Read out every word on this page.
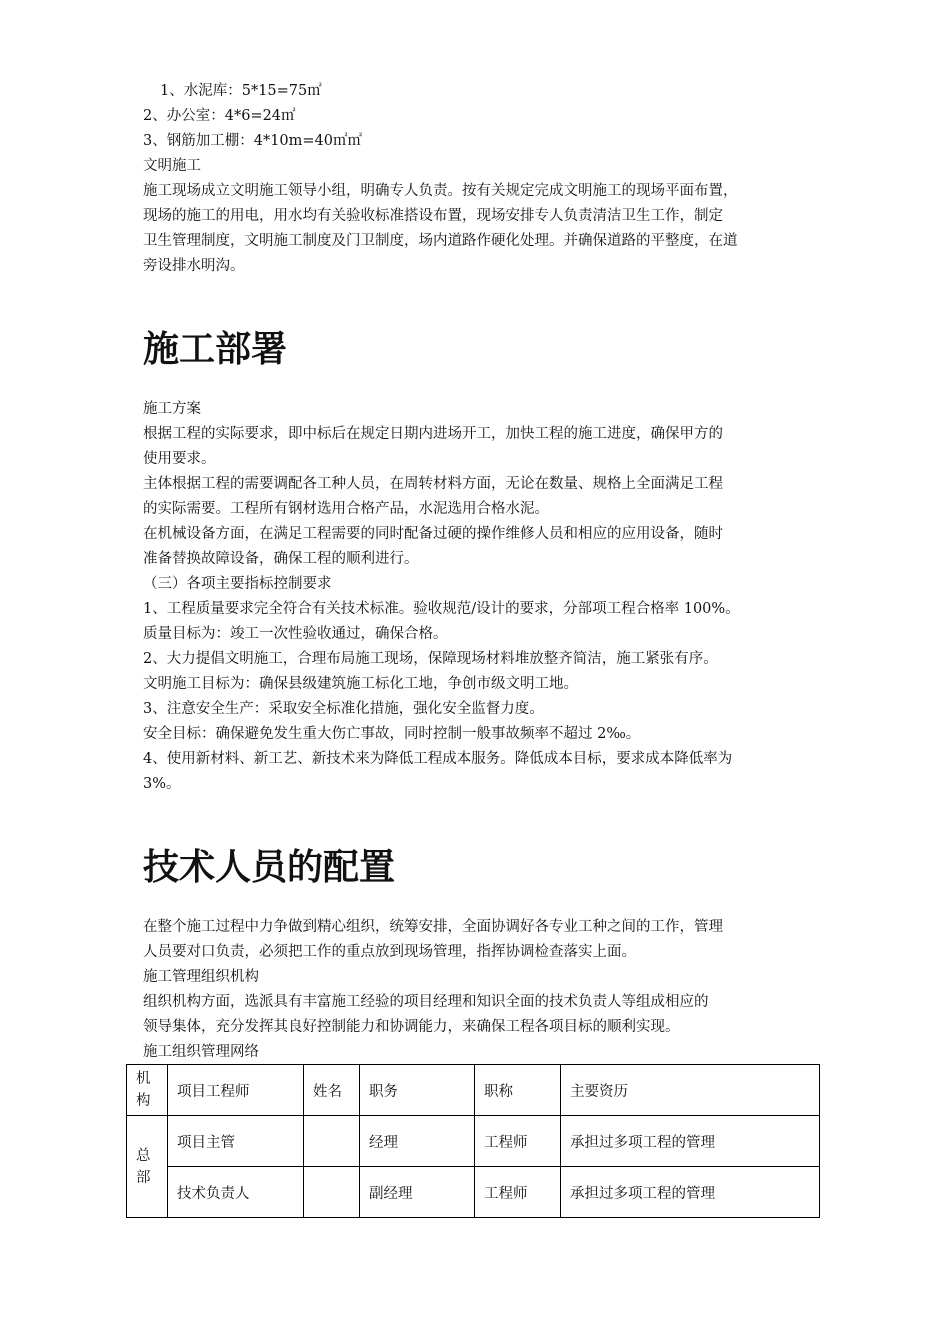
1、水泥库：5*15=75㎡
2、办公室：4*6=24㎡
3、钢筋加工棚：4*10m=40㎡㎡
文明施工
施工现场成立文明施工领导小组，明确专人负责。按有关规定完成文明施工的现场平面布置，
现场的施工的用电，用水均有关验收标准搭设布置，现场安排专人负责清洁卫生工作，制定
卫生管理制度，文明施工制度及门卫制度，场内道路作硬化处理。并确保道路的平整度，在道
旁设排水明沟。
施工部署
施工方案
根据工程的实际要求，即中标后在规定日期内进场开工，加快工程的施工进度，确保甲方的
使用要求。
主体根据工程的需要调配各工种人员，在周转材料方面，无论在数量、规格上全面满足工程
的实际需要。工程所有钢材选用合格产品，水泥选用合格水泥。
在机械设备方面，在满足工程需要的同时配备过硬的操作维修人员和相应的应用设备，随时
准备替换故障设备，确保工程的顺利进行。
（三）各项主要指标控制要求
1、工程质量要求完全符合有关技术标准。验收规范/设计的要求，分部项工程合格率 100%。
质量目标为：竣工一次性验收通过，确保合格。
2、大力提倡文明施工，合理布局施工现场，保障现场材料堆放整齐简洁，施工紧张有序。
文明施工目标为：确保县级建筑施工标化工地，争创市级文明工地。
3、注意安全生产：采取安全标准化措施，强化安全监督力度。
安全目标：确保避免发生重大伤亡事故，同时控制一般事故频率不超过 2‰。
4、使用新材料、新工艺、新技术来为降低工程成本服务。降低成本目标，要求成本降低率为
3%。
技术人员的配置
在整个施工过程中力争做到精心组织，统筹安排，全面协调好各专业工种之间的工作，管理
人员要对口负责，必须把工作的重点放到现场管理，指挥协调检查落实上面。
施工管理组织机构
组织机构方面，选派具有丰富施工经验的项目经理和知识全面的技术负责人等组成相应的
领导集体，充分发挥其良好控制能力和协调能力，来确保工程各项目标的顺利实现。
施工组织管理网络
机构	项目工程师	姓名	职务	职称	主要资历
总部	项目主管		经理	工程师	承担过多项工程的管理
	技术负责人		副经理	工程师	承担过多项工程的管理
